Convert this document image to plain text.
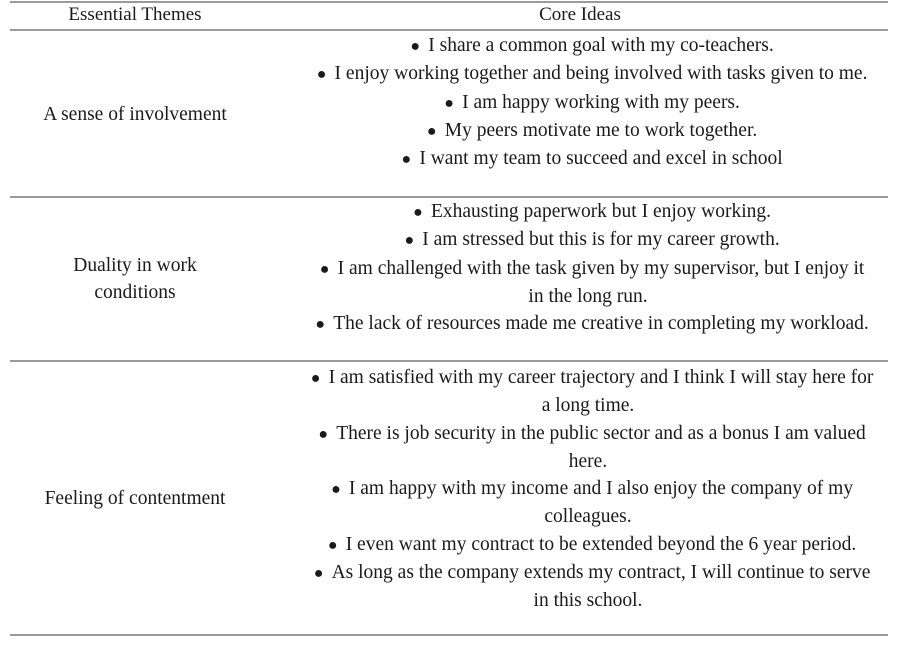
Essential Themes	Core Ideas
A sense of involvement
● I share a common goal with my co-teachers.
● I enjoy working together and being involved with tasks given to me.
● I am happy working with my peers.
● My peers motivate me to work together.
● I want my team to succeed and excel in school
Duality in work conditions
● Exhausting paperwork but I enjoy working.
● I am stressed but this is for my career growth.
● I am challenged with the task given by my supervisor, but I enjoy it in the long run.
● The lack of resources made me creative in completing my workload.
Feeling of contentment
● I am satisfied with my career trajectory and I think I will stay here for a long time.
● There is job security in the public sector and as a bonus I am valued here.
● I am happy with my income and I also enjoy the company of my colleagues.
● I even want my contract to be extended beyond the 6 year period.
● As long as the company extends my contract, I will continue to serve in this school.
